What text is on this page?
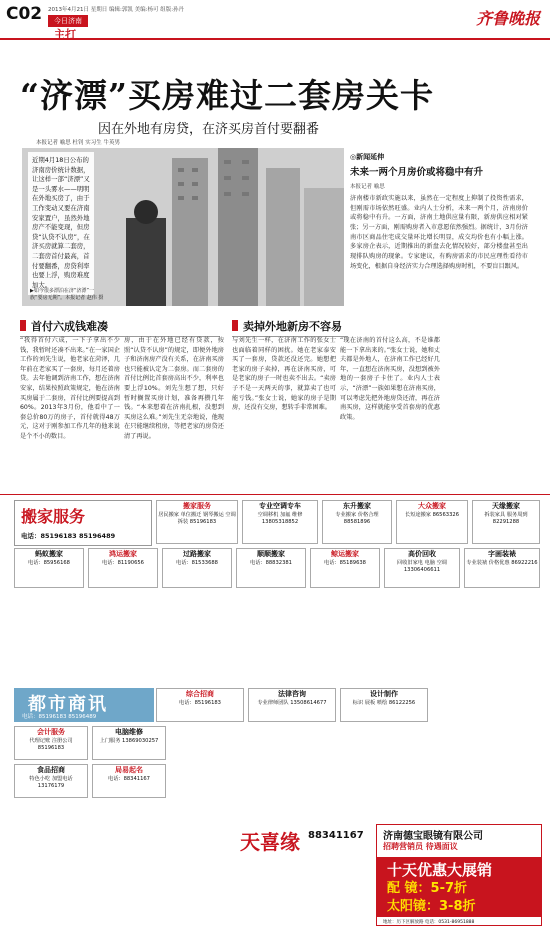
C02 2013年4月21日 星期日 编辑:郭凯 美编:杨可 组版:孙丹
今日济南
主打
齐鲁晚报
“济漂”买房难过二套房关卡
因在外地有房贷，在济买房首付要翻番
本报记者 喻思 杜钊 实习生 牛英男
近期4月18日公布的济南房价统计数据，让这样一部“济漂”又是一头雾水——明明在外地买房了，由于工作变动又要在济南安家置户，虽然外地房产不能变现，但房贷“认贷不认房”，在济买房就算二套房，二套房首付最高，首付要翻番，房贷利率也要上浮，购房难度加大。
▶如今很多漂泊在济“济漂”一族“要房无期”。本报记者 赵伟 摄
◎新闻延伸
未来一两个月房价或将稳中有升
本报记者 喻思
济南楼市新政实施以来，虽然在一定程度上抑制了投资性需求，但刚需市场依然旺盛。业内人士分析，未来一两个月，济南房价或将稳中有升。一方面，济南土地供应量有限，新房供应相对紧张；另一方面，刚需购房者入市意愿依然强烈。据统计，3月份济南市区商品住宅成交量环比增长明显，成交均价也有小幅上涨。多家房企表示，近期推出的新盘去化情况较好，部分楼盘甚至出现排队购房的现象。专家建议，有购房需求的市民应理性看待市场变化，根据自身经济实力合理选择购房时机，不要盲目跟风。
首付六成钱难凑	卖掉外地新房不容易
“我得首付六成，一下子拿出不少钱，我暂时还凑不出来。”在一家国企工作的刘先生说，他老家在菏泽，几年前在老家买了一套房，每月还着房贷。去年他调到济南工作，想在济南安家，结果按照政策规定，他在济南买房属于二套房，首付比例要提高到60%。2013年3月份，他看中了一套总价80万的房子，首付就得48万元，这对于刚参加工作几年的他来说是个不小的数目。
房，由于在外地已经有贷款，按照“认贷不认房”的规定，即便外地房子和济南房产没有关系，在济南买房也只能被认定为二套房。而二套房的首付比例比首套房高出不少，利率也要上浮10%。刘先生想了想，只好暂时搁置买房计划，准备再攒几年钱。“本来想着在济南扎根，没想到买房这么难。”刘先生无奈地说，他现在只能继续租房，等把老家的房贷还清了再说。
与刘先生一样，在济南工作的张女士也面临着同样的困扰。她在老家泰安买了一套房，贷款还没还完。她想把老家的房子卖掉，再在济南买房，可是老家的房子一时也卖不出去。“卖房子不是一天两天的事，就算卖了也可能亏钱。”张女士说，她家的房子是期房，还没有交房，想转手非常困难。
“现在济南的首付这么高，不是谁都能一下拿出来的。”张女士说，她和丈夫都是外地人，在济南工作已经好几年，一直想在济南买房，没想到被外地的一套房子卡住了。业内人士表示，“济漂”一族如果想在济南买房，可以考虑先把外地房贷还清，再在济南买房，这样就能享受首套房的优惠政策。
搬家服务
电话：85196183 85196489
搬家服务
居民搬家 单位搬迁 钢琴搬运 空调拆装 85196183
专业空调专车
空调移机 加氟 维修 13805318852
东升搬家
专业搬家 价格合理 88581896
大众搬家
长短途搬家 86563326
天缘搬家
拆装家具 服务周到 82291288
蚂蚁搬家
电话：85956168
鸿运搬家
电话：81190656
过路搬家
电话：81533688
顺顺搬家
电话：88832381
鲸运搬家
电话：85189638
高价回收
回收旧家电 电脑 空调 13306406611
字画装裱
专业装裱 价格优惠 86922216
综合招商
电话：85196183
法律咨询
专业律师团队 13508614677
设计制作
标识 展板 喷绘 86122256
会计服务
代理记账 注册公司 85196183
电脑维修
上门服务 13869030257
食品招商
特色小吃 加盟电话 13176179
局易起名
电话：88341167
都市商讯
电话：85196183 85196489
天喜缘 88341167 济南德宝眼镜有限公司
招聘营销员 待遇面议
十天优惠大展销
配 镜：5-7折
太阳镜：3-8折
地址：历下区解放路 电话：0531-86951888
